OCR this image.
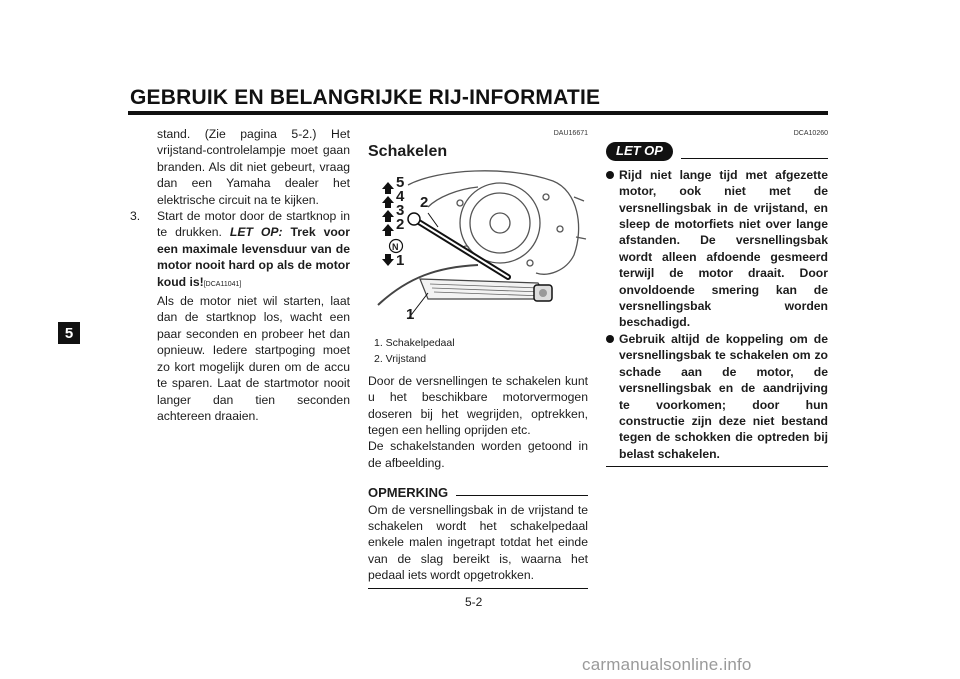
GEBRUIK EN BELANGRIJKE RIJ-INFORMATIE
5
stand. (Zie pagina 5-2.) Het vrijstand-controlelampje moet gaan branden. Als dit niet gebeurt, vraag dan een Yamaha dealer het elektrische circuit na te kijken.
3. Start de motor door de startknop in te drukken. LET OP: Trek voor een maximale levensduur van de motor nooit hard op als de motor koud is![DCA11041]
Als de motor niet wil starten, laat dan de startknop los, wacht een paar seconden en probeer het dan opnieuw. Iedere startpoging moet zo kort mogelijk duren om de accu te sparen. Laat de startmotor nooit langer dan tien seconden achtereen draaien.
DAU16671
Schakelen
5
4
3
2
N
1
2
1
1. Schakelpedaal
2. Vrijstand
Door de versnellingen te schakelen kunt u het beschikbare motorvermogen doseren bij het wegrijden, optrekken, tegen een helling oprijden etc.
De schakelstanden worden getoond in de afbeelding.
OPMERKING
Om de versnellingsbak in de vrijstand te schakelen wordt het schakelpedaal enkele malen ingetrapt totdat het einde van de slag bereikt is, waarna het pedaal iets wordt opgetrokken.
DCA10260
LET OP
Rijd niet lange tijd met afgezette motor, ook niet met de versnellingsbak in de vrijstand, en sleep de motorfiets niet over lange afstanden. De versnellingsbak wordt alleen afdoende gesmeerd terwijl de motor draait. Door onvoldoende smering kan de versnellingsbak worden beschadigd.
Gebruik altijd de koppeling om de versnellingsbak te schakelen om zo schade aan de motor, de versnellingsbak en de aandrijving te voorkomen; door hun constructie zijn deze niet bestand tegen de schokken die optreden bij belast schakelen.
5-2
carmanualsonline.info
